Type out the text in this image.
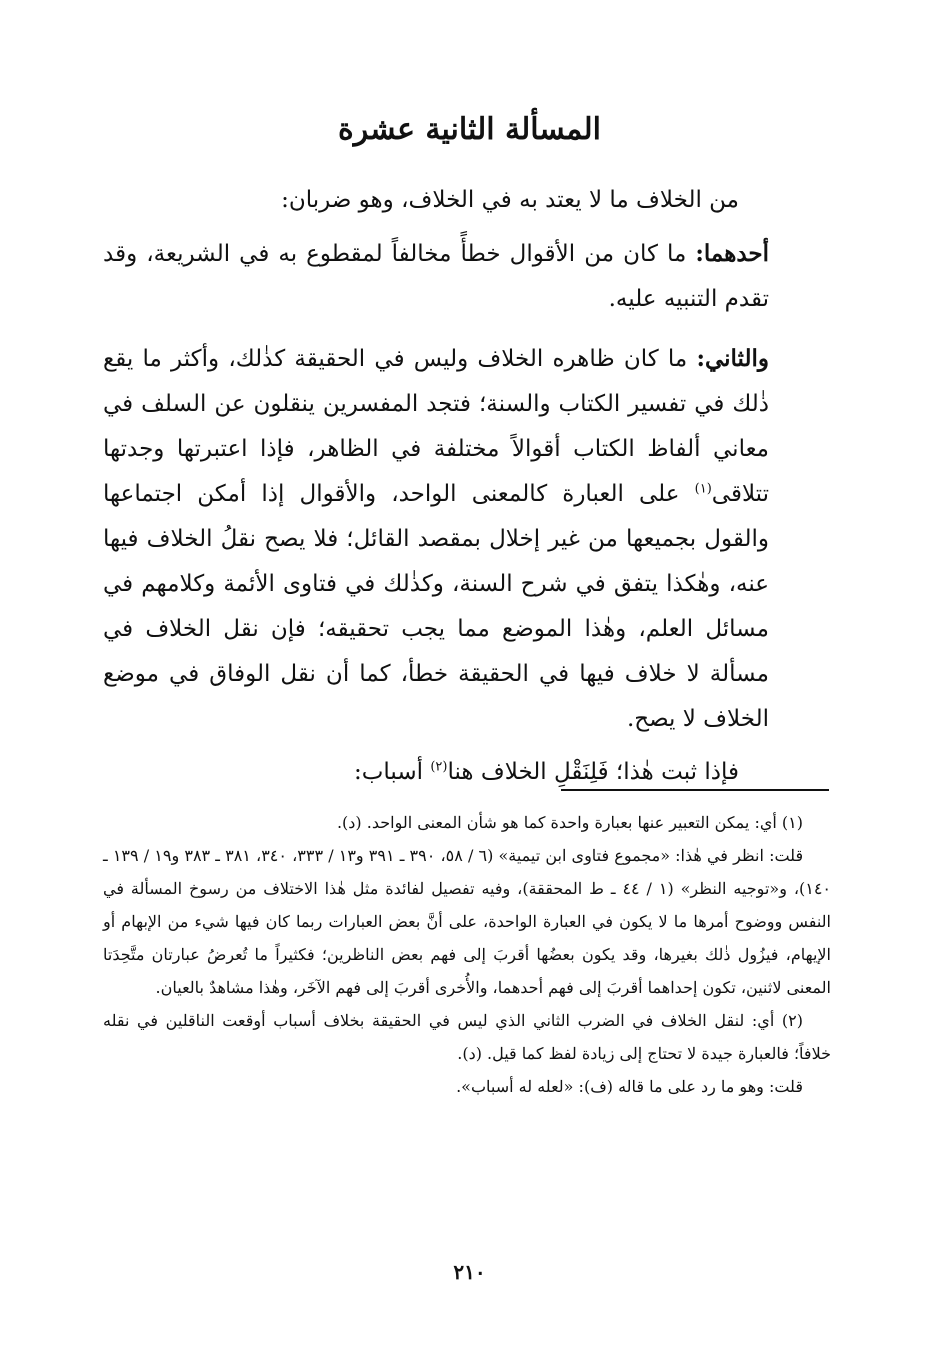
المسألة الثانية عشرة

من الخلاف ما لا يعتد به في الخلاف، وهو ضربان:

أحدهما: ما كان من الأقوال خطأً مخالفاً لمقطوع به في الشريعة، وقد تقدم التنبيه عليه.

والثاني: ما كان ظاهره الخلاف وليس في الحقيقة كذٰلك، وأكثر ما يقع ذٰلك في تفسير الكتاب والسنة؛ فتجد المفسرين ينقلون عن السلف في معاني ألفاظ الكتاب أقوالاً مختلفة في الظاهر، فإذا اعتبرتها وجدتها تتلاقى$^{(١)}$ على العبارة كالمعنى الواحد، والأقوال إذا أمكن اجتماعها والقول بجميعها من غير إخلال بمقصد القائل؛ فلا يصح نقلُ الخلاف فيها عنه، وهٰكذا يتفق في شرح السنة، وكذٰلك في فتاوى الأئمة وكلامهم في مسائل العلم، وهٰذا الموضع مما يجب تحقيقه؛ فإن نقل الخلاف في مسألة لا خلاف فيها في الحقيقة خطأ، كما أن نقل الوفاق في موضع الخلاف لا يصح.

فإذا ثبت هٰذا؛ فَلِنَقْلِ الخلاف هنا$^{(٢)}$ أسباب:

(١) أي: يمكن التعبير عنها بعبارة واحدة كما هو شأن المعنى الواحد. (د).

قلت: انظر في هٰذا: «مجموع فتاوى ابن تيمية» (٦ / ٥٨، ٣٩٠ ـ ٣٩١ و١٣ / ٣٣٣، ٣٤٠، ٣٨١ ـ ٣٨٣ و١٩ / ١٣٩ ـ ١٤٠)، و«توجيه النظر» (١ / ٤٤ ـ ط المحققة)، وفيه تفصيل لفائدة مثل هٰذا الاختلاف من رسوخ المسألة في النفس ووضوح أمرها ما لا يكون في العبارة الواحدة، على أنَّ بعض العبارات ربما كان فيها شيء من الإبهام أو الإيهام، فيزُول ذٰلك بغيرها، وقد يكون بعضُها أقربَ إلى فهم بعض الناظرين؛ فكثيراً ما تُعرضُ عبارتان متَّحِدَتا المعنى لاثنين، تكون إحداهما أقربَ إلى فهم أحدهما، والأُخرى أقربَ إلى فهم الآخَر، وهٰذا مشاهدٌ بالعيان.

(٢) أي: لنقل الخلاف في الضرب الثاني الذي ليس في الحقيقة بخلاف أسباب أوقعت الناقلين في نقله خلافاً؛ فالعبارة جيدة لا تحتاج إلى زيادة لفظ كما قيل. (د).

قلت: وهو ما رد على ما قاله (ف): «لعله له أسباب».

٢١٠
